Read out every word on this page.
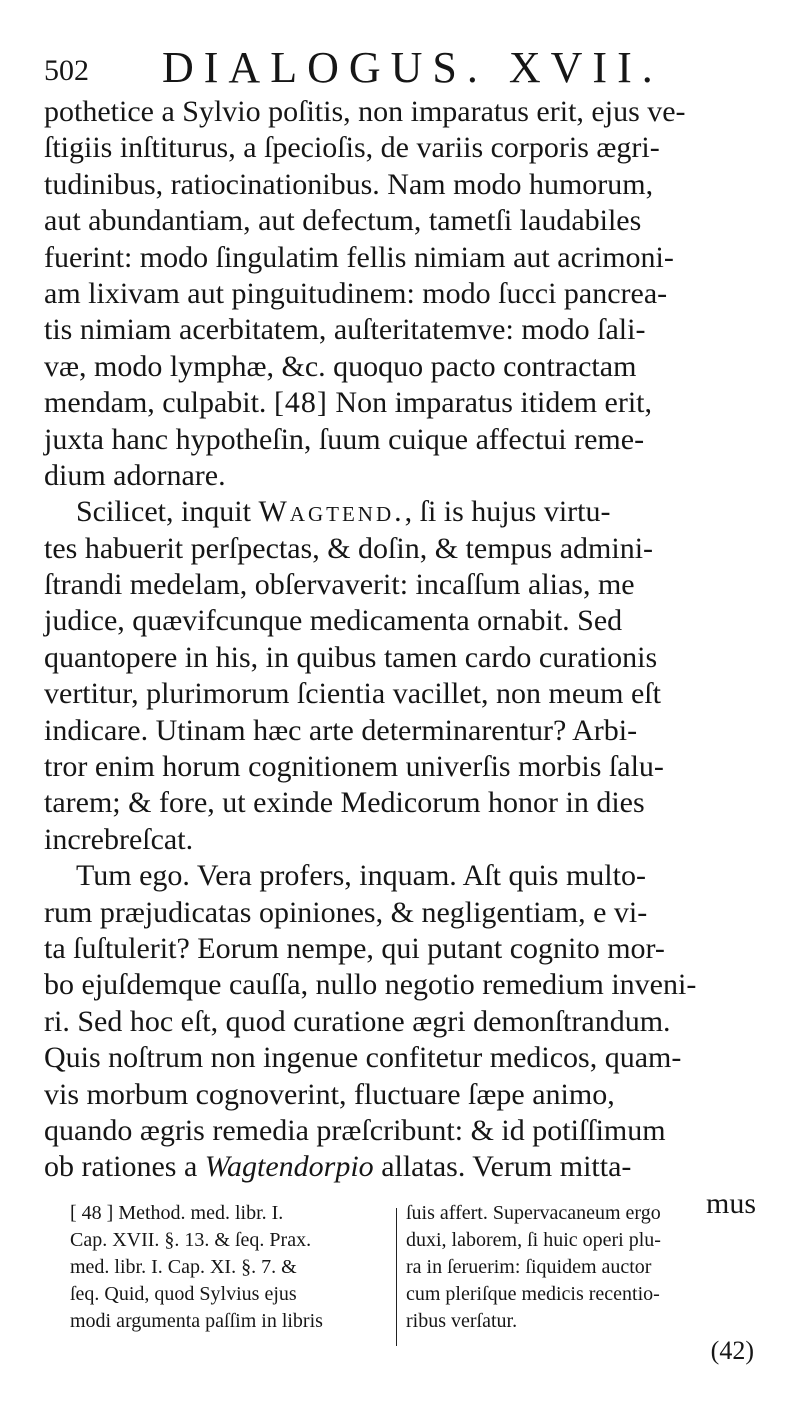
502 DIALOGUS. XVII.
pothetice a Sylvio poſitis, non imparatus erit, ejus ve-
ſtigiis inſtiturus, a ſpecioſis, de variis corporis ægri-
tudinibus, ratiocinationibus. Nam modo humorum,
aut abundantiam, aut defectum, tametſi laudabiles
fuerint: modo ſingulatim fellis nimiam aut acrimoni-
am lixivam aut pinguitudinem: modo ſucci pancrea-
tis nimiam acerbitatem, auſteritatemve: modo ſali-
væ, modo lymphæ, &c. quoquo pacto contractam
mendam, culpabit. [48] Non imparatus itidem erit,
juxta hanc hypotheſin, ſuum cuique affectui reme-
dium adornare.
Scilicet, inquit Wagtend., ſi is hujus virtu-
tes habuerit perſpectas, & doſin, & tempus admini-
ſtrandi medelam, obſervaverit: incaſſum alias, me
judice, quævifcunque medicamenta ornabit. Sed
quantopere in his, in quibus tamen cardo curationis
vertitur, plurimorum ſcientia vacillet, non meum eſt
indicare. Utinam hæc arte determinarentur? Arbi-
tror enim horum cognitionem univerſis morbis ſalu-
tarem; & fore, ut exinde Medicorum honor in dies
increbreſcat.
Tum ego. Vera profers, inquam. Aſt quis multo-
rum præjudicatas opiniones, & negligentiam, e vi-
ta ſuſtulerit? Eorum nempe, qui putant cognito mor-
bo ejuſdemque cauſſa, nullo negotio remedium inveni-
ri. Sed hoc eſt, quod curatione ægri demonſtrandum.
Quis noſtrum non ingenue confitetur medicos, quam-
vis morbum cognoverint, fluctuare ſæpe animo,
quando ægris remedia præſcribunt: & id potiſſimum
ob rationes a Wagtendorpio allatas. Verum mitta-
mus
[ 48 ] Method. med. libr. I.
Cap. XVII. §. 13. & ſeq. Prax.
med. libr. I. Cap. XI. §. 7. &
ſeq. Quid, quod Sylvius ejus
modi argumenta paſſim in libris
ſuis affert. Supervacaneum ergo
duxi, laborem, ſi huic operi plu-
ra in ſeruerim: ſiquidem auctor
cum pleriſque medicis recentio-
ribus verſatur.
(42)
